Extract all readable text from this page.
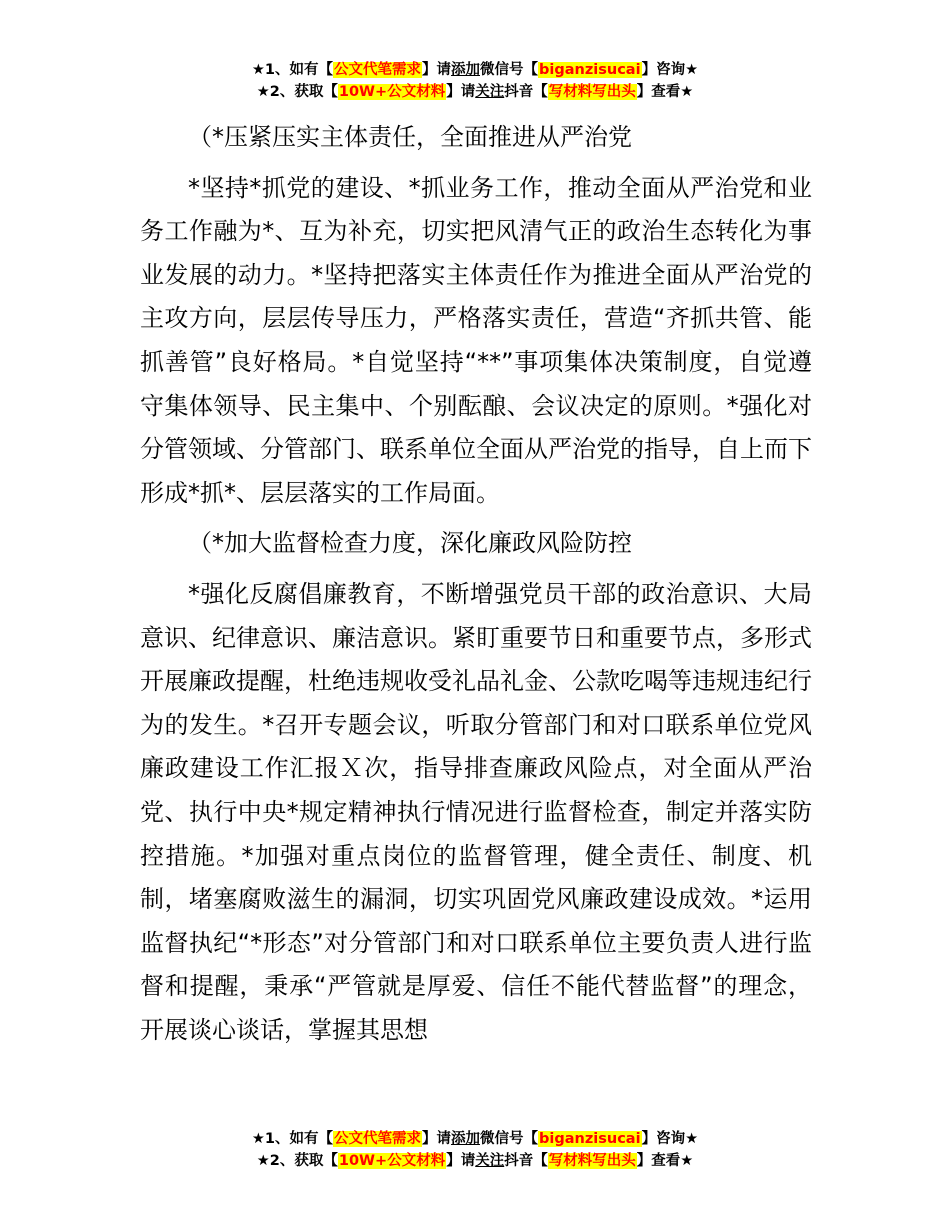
★1、如有【公文代笔需求】请添加微信号【biganzisucai】咨询★
★2、获取【10W+公文材料】请关注抖音【写材料写出头】查看★

（*压紧压实主体责任，全面推进从严治党

*坚持*抓党的建设、*抓业务工作，推动全面从严治党和业务工作融为*、互为补充，切实把风清气正的政治生态转化为事业发展的动力。*坚持把落实主体责任作为推进全面从严治党的主攻方向，层层传导压力，严格落实责任，营造“齐抓共管、能抓善管”良好格局。*自觉坚持“**”事项集体决策制度，自觉遵守集体领导、民主集中、个别酝酿、会议决定的原则。*强化对分管领域、分管部门、联系单位全面从严治党的指导，自上而下形成*抓*、层层落实的工作局面。

（*加大监督检查力度，深化廉政风险防控

*强化反腐倡廉教育，不断增强党员干部的政治意识、大局意识、纪律意识、廉洁意识。紧盯重要节日和重要节点，多形式开展廉政提醒，杜绝违规收受礼品礼金、公款吃喝等违规违纪行为的发生。*召开专题会议，听取分管部门和对口联系单位党风廉政建设工作汇报Ｘ次，指导排查廉政风险点，对全面从严治党、执行中央*规定精神执行情况进行监督检查，制定并落实防控措施。*加强对重点岗位的监督管理，健全责任、制度、机制，堵塞腐败滋生的漏洞，切实巩固党风廉政建设成效。*运用监督执纪“*形态”对分管部门和对口联系单位主要负责人进行监督和提醒，秉承“严管就是厚爱、信任不能代替监督”的理念，开展谈心谈话，掌握其思想

★1、如有【公文代笔需求】请添加微信号【biganzisucai】咨询★
★2、获取【10W+公文材料】请关注抖音【写材料写出头】查看★
